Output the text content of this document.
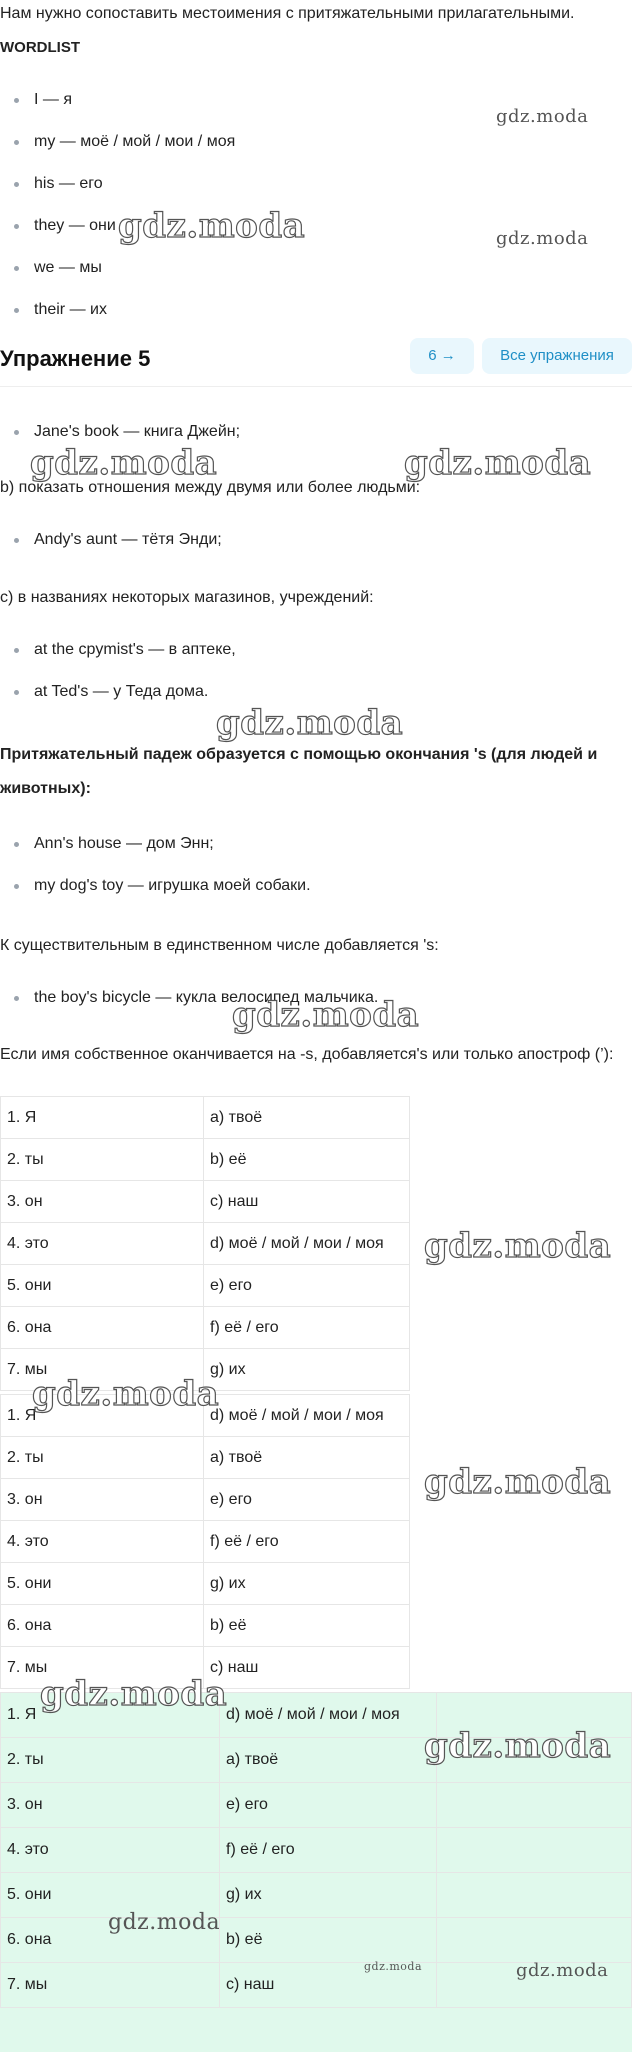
Нам нужно сопоставить местоимения с притяжательными прилагательными.

WORDLIST

I — я
my — моё / мой / мои / моя
his — его
they — они
we — мы
their — их
Упражнение 5	6 →	Все упражнения
Jane's book — книга Джейн;

b) показать отношения между двумя или более людьми:

Andy's aunt — тётя Энди;

c) в названиях некоторых магазинов, учреждений:

at the срymist's — в аптеке,
at Ted's — у Теда дома.

Притяжательный падеж образуется с помощью окончания 's (для людей и животных):

Ann's house — дом Энн;
my dog's toy — игрушка моей собаки.

К существительным в единственном числе добавляется 's:

the boy's bicycle — кукла велосипед мальчика.

Если имя собственное оканчивается на -s, добавляется's или только апостроф (’):

1. Я	a) твоё
2. ты	b) её
3. он	c) наш
4. это	d) моё / мой / мои / моя
5. они	e) его
6. она	f) её / его
7. мы	g) их
1. Я	d) моё / мой / мои / моя
2. ты	a) твоё
3. он	e) его
4. это	f) её / его
5. они	g) их
6. она	b) её
7. мы	c) наш
1. Я	d) моё / мой / мои / моя	
2. ты	a) твоё	
3. он	e) его	
4. это	f) её / его	
5. они	g) их	
6. она	b) её	
7. мы	c) наш	
gdz.moda
gdz.moda	gdz.moda
gdz.moda	gdz.moda
gdz.moda
gdz.moda
gdz.moda
gdz.moda
gdz.moda
gdz.moda
gdz.moda
gdz.moda
gdz.moda	gdz.moda
